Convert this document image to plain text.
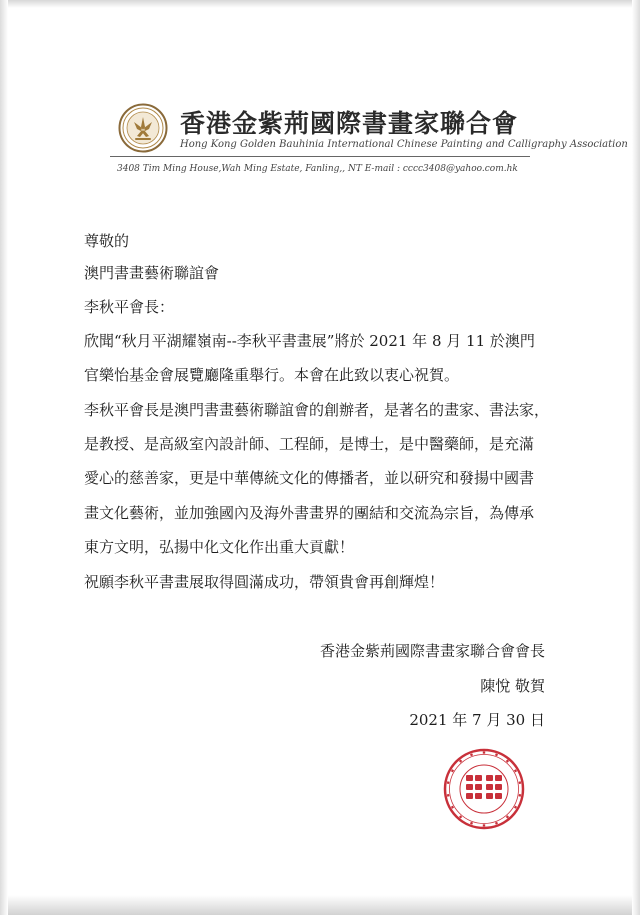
香港金紫荊國際書畫家聯合會
Hong Kong Golden Bauhinia International Chinese Painting and Calligraphy Association
3408 Tim Ming House,Wah Ming Estate, Fanling,, NT E-mail : cccc3408@yahoo.com.hk
尊敬的
澳門書畫藝術聯誼會
李秋平會長：
欣聞“秋月平湖耀嶺南--李秋平書畫展”將於 2021 年 8 月 11 於澳門
官樂怡基金會展覽廳隆重舉行。本會在此致以衷心祝賀。
李秋平會長是澳門書畫藝術聯誼會的創辦者，是著名的畫家、書法家，
是教授、是高級室內設計師、工程師，是博士，是中醫藥師，是充滿
愛心的慈善家，更是中華傳統文化的傳播者，並以研究和發揚中國書
畫文化藝術，並加強國內及海外書畫界的團結和交流為宗旨，為傳承
東方文明，弘揚中化文化作出重大貢獻！
祝願李秋平書畫展取得圓滿成功，帶領貴會再創輝煌！
香港金紫荊國際書畫家聯合會會長
陳悅 敬賀
2021 年 7 月 30 日
